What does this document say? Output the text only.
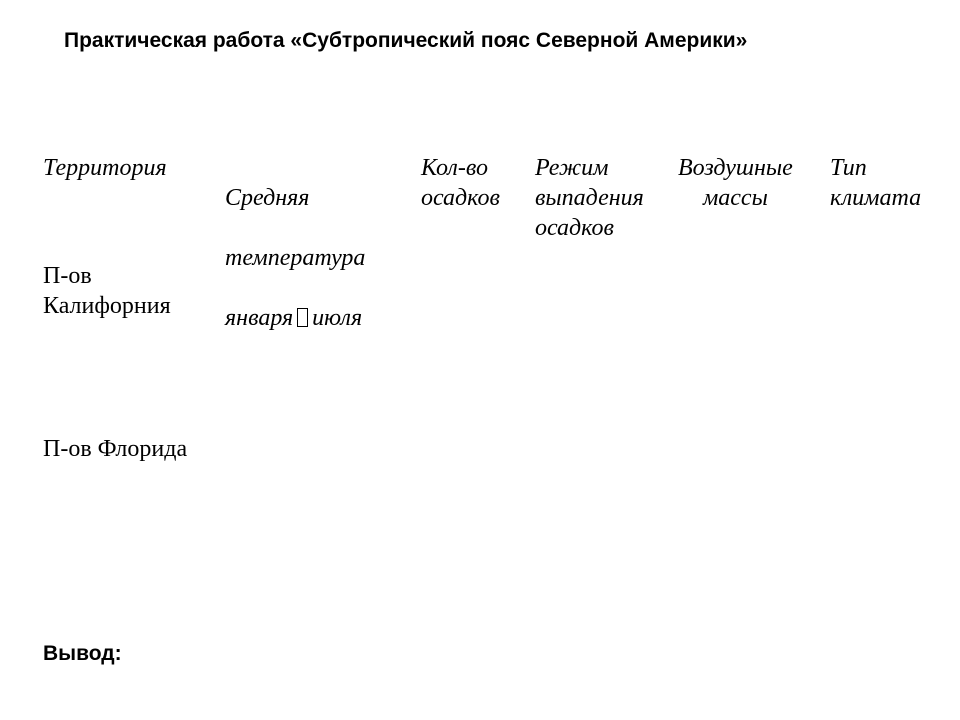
Практическая работа «Субтропический пояс Северной Америки»
Территория

Средняя

температура

января июля

Кол-во
осадков
Режим
выпадения
осадков
Воздушные
массы
Тип
климата
П-ов
Калифорния
П-ов Флорида
Вывод:
